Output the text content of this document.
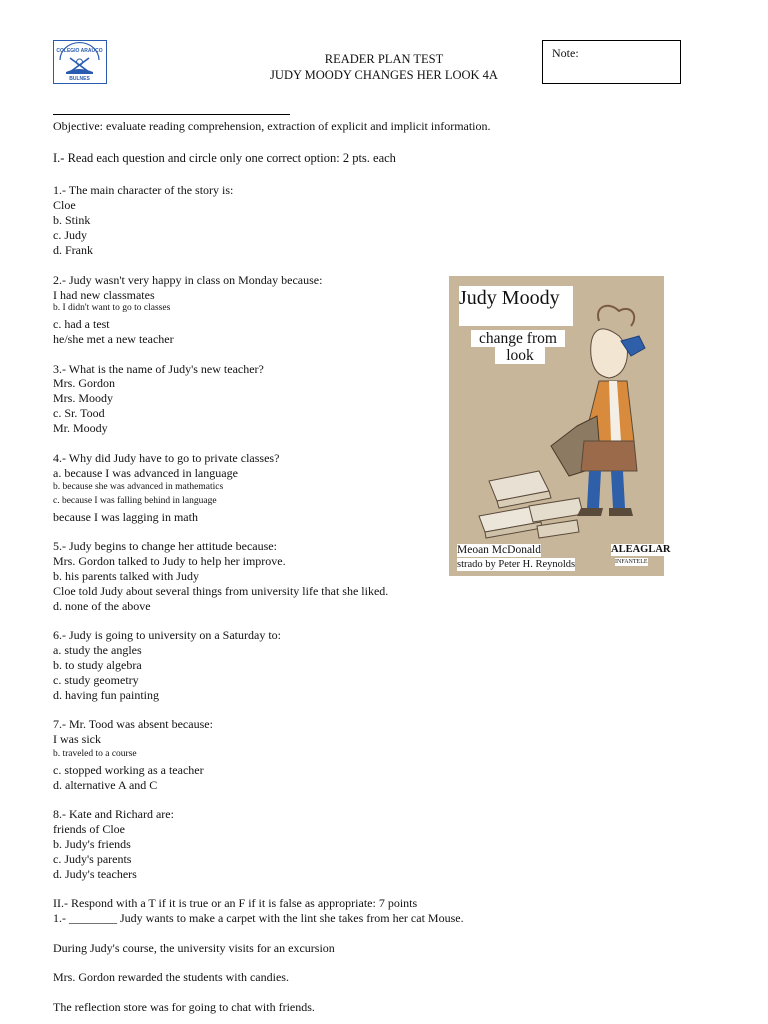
COLEGIO ARAUCO
BULNES
READER PLAN TEST
JUDY MOODY CHANGES HER LOOK 4A
Note:
Objective: evaluate reading comprehension, extraction of explicit and implicit information.
I.- Read each question and circle only one correct option: 2 pts. each
1.- The main character of the story is:
Cloe
b. Stink
c. Judy
d. Frank
2.- Judy wasn't very happy in class on Monday because:
I had new classmates
b. I didn't want to go to classes
c. had a test
he/she met a new teacher
3.- What is the name of Judy's new teacher?
Mrs. Gordon
Mrs. Moody
c. Sr. Tood
Mr. Moody
4.- Why did Judy have to go to private classes?
a. because I was advanced in language
b. because she was advanced in mathematics
c. because I was falling behind in language
because I was lagging in math
5.- Judy begins to change her attitude because:
Mrs. Gordon talked to Judy to help her improve.
b. his parents talked with Judy
Cloe told Judy about several things from university life that she liked.
d. none of the above
6.- Judy is going to university on a Saturday to:
a. study the angles
b. to study algebra
c. study geometry
d. having fun painting
7.- Mr. Tood was absent because:
I was sick
b. traveled to a course
c. stopped working as a teacher
d. alternative A and C
8.- Kate and Richard are:
friends of Cloe
b. Judy's friends
c. Judy's parents
d. Judy's teachers
II.- Respond with a T if it is true or an F if it is false as appropriate: 7 points
1.- ________ Judy wants to make a carpet with the lint she takes from her cat Mouse.
During Judy's course, the university visits for an excursion
Mrs. Gordon rewarded the students with candies.
The reflection store was for going to chat with friends.
Judy Moody
change from
look
Meoan McDonald
strado by Peter H. Reynolds
ALEAGLAR
INFANTELE
